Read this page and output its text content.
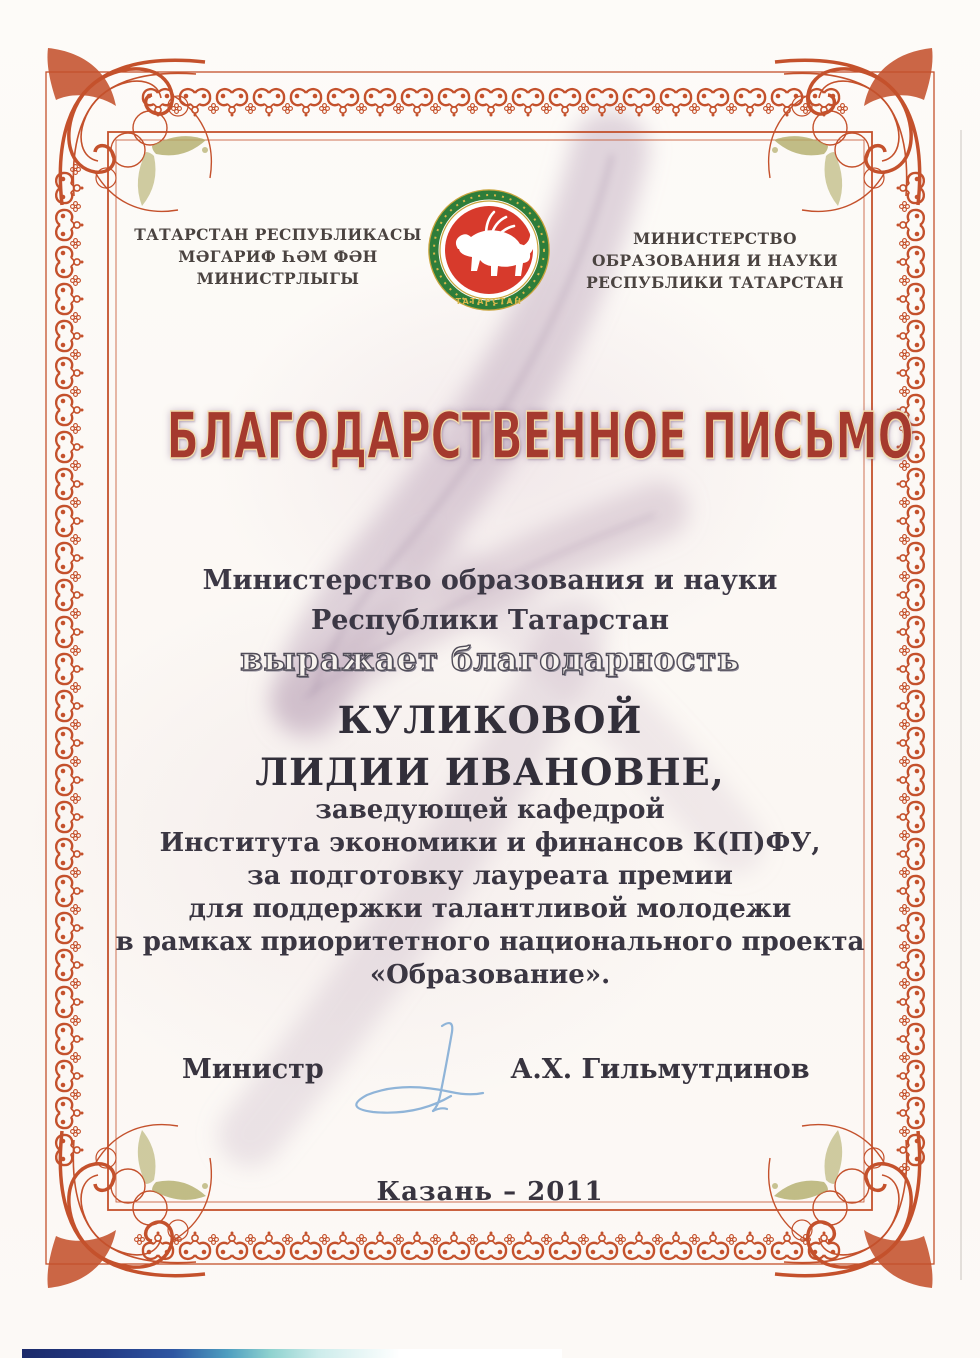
ТАТАРСТАН РЕСПУБЛИКАСЫ
МӘГАРИФ ҺӘМ ФӘН
МИНИСТРЛЫГЫ
МИНИСТЕРСТВО
ОБРАЗОВАНИЯ И НАУКИ
РЕСПУБЛИКИ ТАТАРСТАН
ТАТАРСТАН
БЛАГОДАРСТВЕННОЕ ПИСЬМО
Министерство образования и науки
Республики Татарстан
выражает благодарность
КУЛИКОВОЙ
ЛИДИИ ИВАНОВНЕ,
заведующей кафедрой
Института экономики и финансов К(П)ФУ,
за подготовку лауреата премии
для поддержки талантливой молодежи
в рамках приоритетного национального проекта
«Образование».
Министр	А.Х. Гильмутдинов
Казань – 2011
